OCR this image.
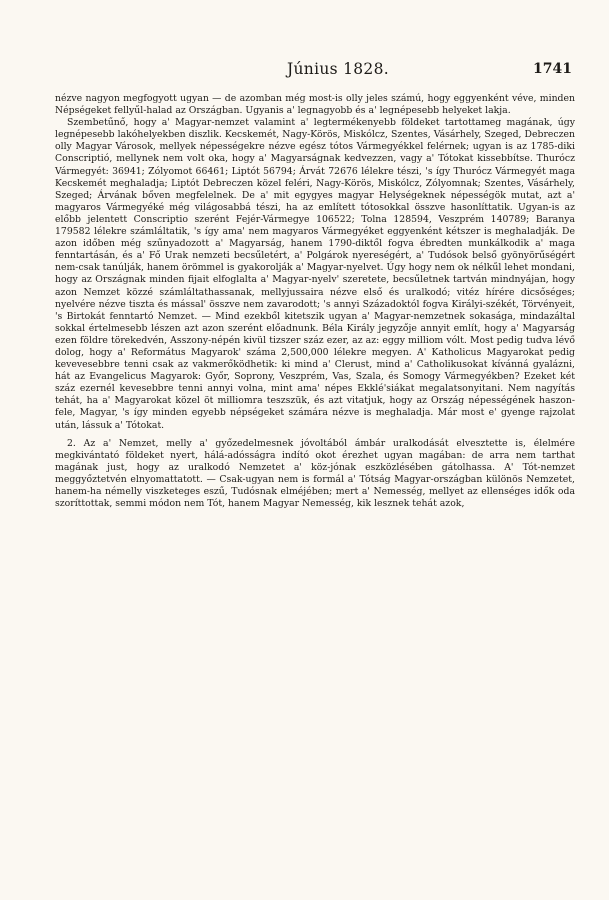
Június 1828.	1741

nézve nagyon megfogyott ugyan — de azomban még most-is olly jeles számú, hogy eggyenként véve, minden Népségeket fellyűl-halad az Országban. Ugyanis a' legnagyobb és a' legnépesebb helyeket lakja.

Szembetűnő, hogy a' Magyar-nemzet valamint a' legtermékenyebb földeket tartottameg magának, úgy legnépesebb lakóhelyekben diszlik. Kecskemét, Nagy-Körös, Miskólcz, Szentes, Vásárhely, Szeged, Debreczen olly Magyar Városok, mellyek népességekre nézve egész tótos Vármegyékkel felérnek; ugyan is az 1785-diki Conscriptió, mellynek nem volt oka, hogy a' Magyarságnak kedvezzen, vagy a' Tótokat kissebbítse. Thurócz Vármegyét: 36941; Zólyomot 66461; Liptót 56794; Árvát 72676 lélekre tészi, 's így Thurócz Vármegyét maga Kecskemét meghaladja; Liptót Debreczen közel feléri, Nagy-Körös, Miskólcz, Zólyomnak; Szentes, Vásárhely, Szeged; Árvának bőven megfelelnek. De a' mit egygyes magyar Helységeknek népességök mutat, azt a' magyaros Vármegyéké még világosabbá tészi, ha az említett tótosokkal összve hasonlíttatik. Ugyan-is az előbb jelentett Conscriptio szerént Fejér-Vármegye 106522; Tolna 128594, Veszprém 140789; Baranya 179582 lélekre számláltatik, 's így ama' nem magyaros Vármegyéket eggyenként kétszer is meghaladják. De azon időben még szűnyadozott a' Magyarság, hanem 1790-diktől fogva ébredten munkálkodik a' maga fenntartásán, és a' Fő Urak nemzeti becsűletért, a' Polgárok nyereségért, a' Tudósok belső gyönyörűségért nem-csak tanúlják, hanem örömmel is gyakorolják a' Magyar-nyelvet. Úgy hogy nem ok nélkűl lehet mondani, hogy az Országnak minden fijait elfoglalta a' Magyar-nyelv' szeretete, becsűletnek tartván mindnyájan, hogy azon Nemzet közzé számláltathassanak, mellyjussaira nézve első és uralkodó; vitéz hírére dicsőséges; nyelvére nézve tiszta és mással' összve nem zavarodott; 's annyi Századoktól fogva Királyi-székét, Törvényeit, 's Birtokát fenntartó Nemzet. — Mind ezekből kitetszik ugyan a' Magyar-nemzetnek sokasága, mindazáltal sokkal értelmesebb lészen azt azon szerént előadnunk. Béla Király jegyzője annyit említ, hogy a' Magyarság ezen földre törekedvén, Asszony-népén kivül tizszer száz ezer, az az: eggy milliom vólt. Most pedig tudva lévő dolog, hogy a' Református Magyarok' száma 2,500,000 lélekre megyen. A' Katholicus Magyarokat pedig kevevesebbre tenni csak az vakmerőködhetik: ki mind a' Clerust, mind a' Catholikusokat kívánná gyalázni, hát az Evangelicus Magyarok: Győr, Soprony, Veszprém, Vas, Szala, és Somogy Vármegyékben? Ezeket két száz ezernél kevesebbre tenni annyi volna, mint ama' népes Ekklé'siákat megalatsonyitani. Nem nagyítás tehát, ha a' Magyarokat közel öt milliomra teszszük, és azt vitatjuk, hogy az Ország népességének haszon-fele, Magyar, 's így minden egyebb népségeket számára nézve is meghaladja. Már most e' gyenge rajzolat után, lássuk a' Tótokat.

2. Az a' Nemzet, melly a' győzedelmesnek jóvoltából ámbár uralkodását elvesztette is, élelmére megkivántató földeket nyert, hálá-adósságra indító okot érezhet ugyan magában: de arra nem tarthat magának just, hogy az uralkodó Nemzetet a' köz-jónak eszközlésében gátolhassa. A' Tót-nemzet meggyőztetvén elnyomattatott. — Csak-ugyan nem is formál a' Tótság Magyar-országban különös Nemzetet, hanem-ha némelly viszketeges eszű, Tudósnak elméjében; mert a' Nemesség, mellyet az ellenséges idők oda szoríttottak, semmi módon nem Tót, hanem Magyar Nemesség, kik lesznek tehát azok,
